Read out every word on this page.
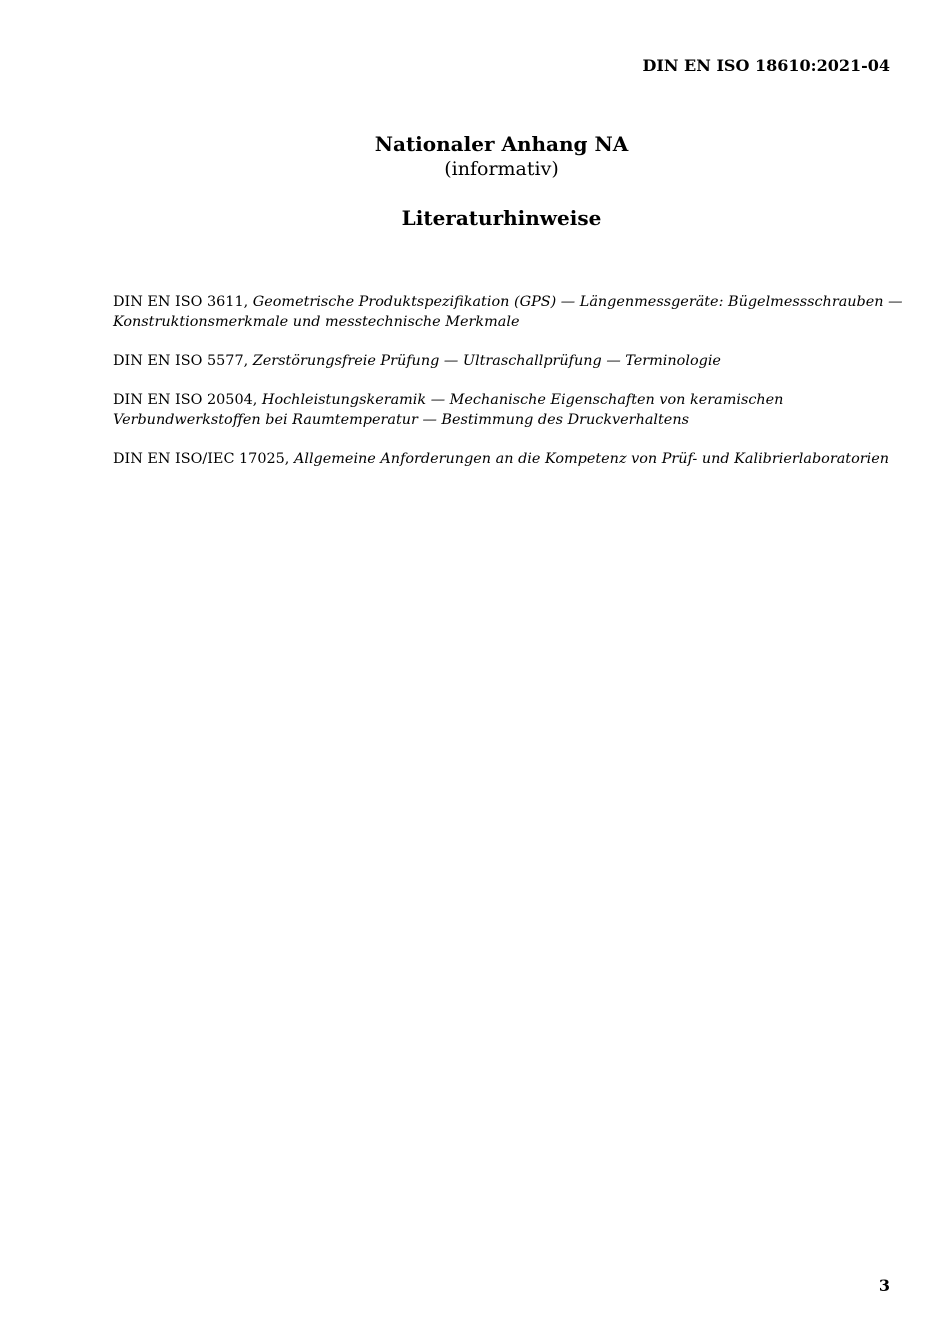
DIN EN ISO 18610:2021-04
Nationaler Anhang NA
(informativ)
Literaturhinweise
DIN EN ISO 3611, Geometrische Produktspezifikation (GPS) — Längenmessgeräte: Bügelmessschrauben — Konstruktionsmerkmale und messtechnische Merkmale
DIN EN ISO 5577, Zerstörungsfreie Prüfung — Ultraschallprüfung — Terminologie
DIN EN ISO 20504, Hochleistungskeramik — Mechanische Eigenschaften von keramischen Verbundwerkstoffen bei Raumtemperatur — Bestimmung des Druckverhaltens
DIN EN ISO/IEC 17025, Allgemeine Anforderungen an die Kompetenz von Prüf- und Kalibrierlaboratorien
3
